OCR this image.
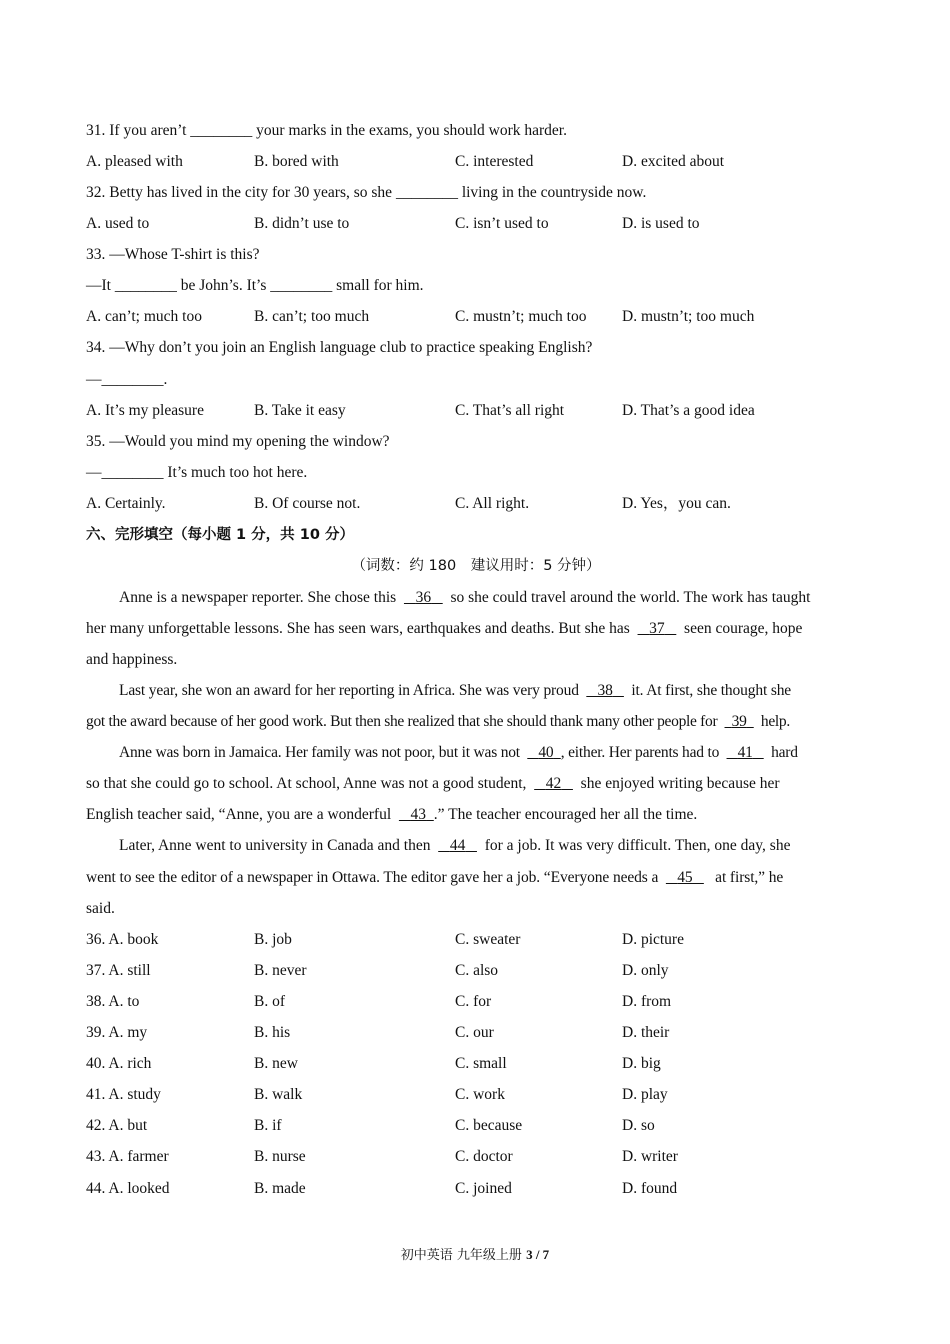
31. If you aren’t ________ your marks in the exams, you should work harder.
A. pleased with	B. bored with	C. interested	D. excited about
32. Betty has lived in the city for 30 years, so she ________ living in the countryside now.
A. used to	B. didn’t use to	C. isn’t used to	D. is used to
33. —Whose T-shirt is this?
—It ________ be John’s. It’s ________ small for him.
A. can’t; much too	B. can’t; too much	C. mustn’t; much too D. mustn’t; too much
34. —Why don’t you join an English language club to practice speaking English?
—________.
A. It’s my pleasure	B. Take it easy	C. That’s all right	D. That’s a good idea
35. —Would you mind my opening the window?
—________ It’s much too hot here.
A. Certainly.	B. Of course not.	C. All right.	D. Yes，you can.
六、完形填空（每小题 1 分，共 10 分）
（词数：约 180　建议用时：5 分钟）
Anne is a newspaper reporter. She chose this 36 so she could travel around the world. The work has taught
her many unforgettable lessons. She has seen wars, earthquakes and deaths. But she has 37 seen courage, hope
and happiness.
Last year, she won an award for her reporting in Africa. She was very proud 38 it. At first, she thought she
got the award because of her good work. But then she realized that she should thank many other people for 39 help.
Anne was born in Jamaica. Her family was not poor, but it was not 40 , either. Her parents had to 41 hard
so that she could go to school. At school, Anne was not a good student, 42 she enjoyed writing because her
English teacher said, “Anne, you are a wonderful 43 .” The teacher encouraged her all the time.
Later, Anne went to university in Canada and then 44 for a job. It was very difficult. Then, one day, she
went to see the editor of a newspaper in Ottawa. The editor gave her a job. “Everyone needs a 45 at first,” he
said.
36. A. book	B. job	C. sweater	D. picture
37. A. still	B. never	C. also	D. only
38. A. to	B. of	C. for	D. from
39. A. my	B. his	C. our	D. their
40. A. rich	B. new	C. small	D. big
41. A. study	B. walk	C. work	D. play
42. A. but	B. if	C. because	D. so
43. A. farmer	B. nurse	C. doctor	D. writer
44. A. looked	B. made	C. joined	D. found
初中英语 九年级上册 3 / 7
